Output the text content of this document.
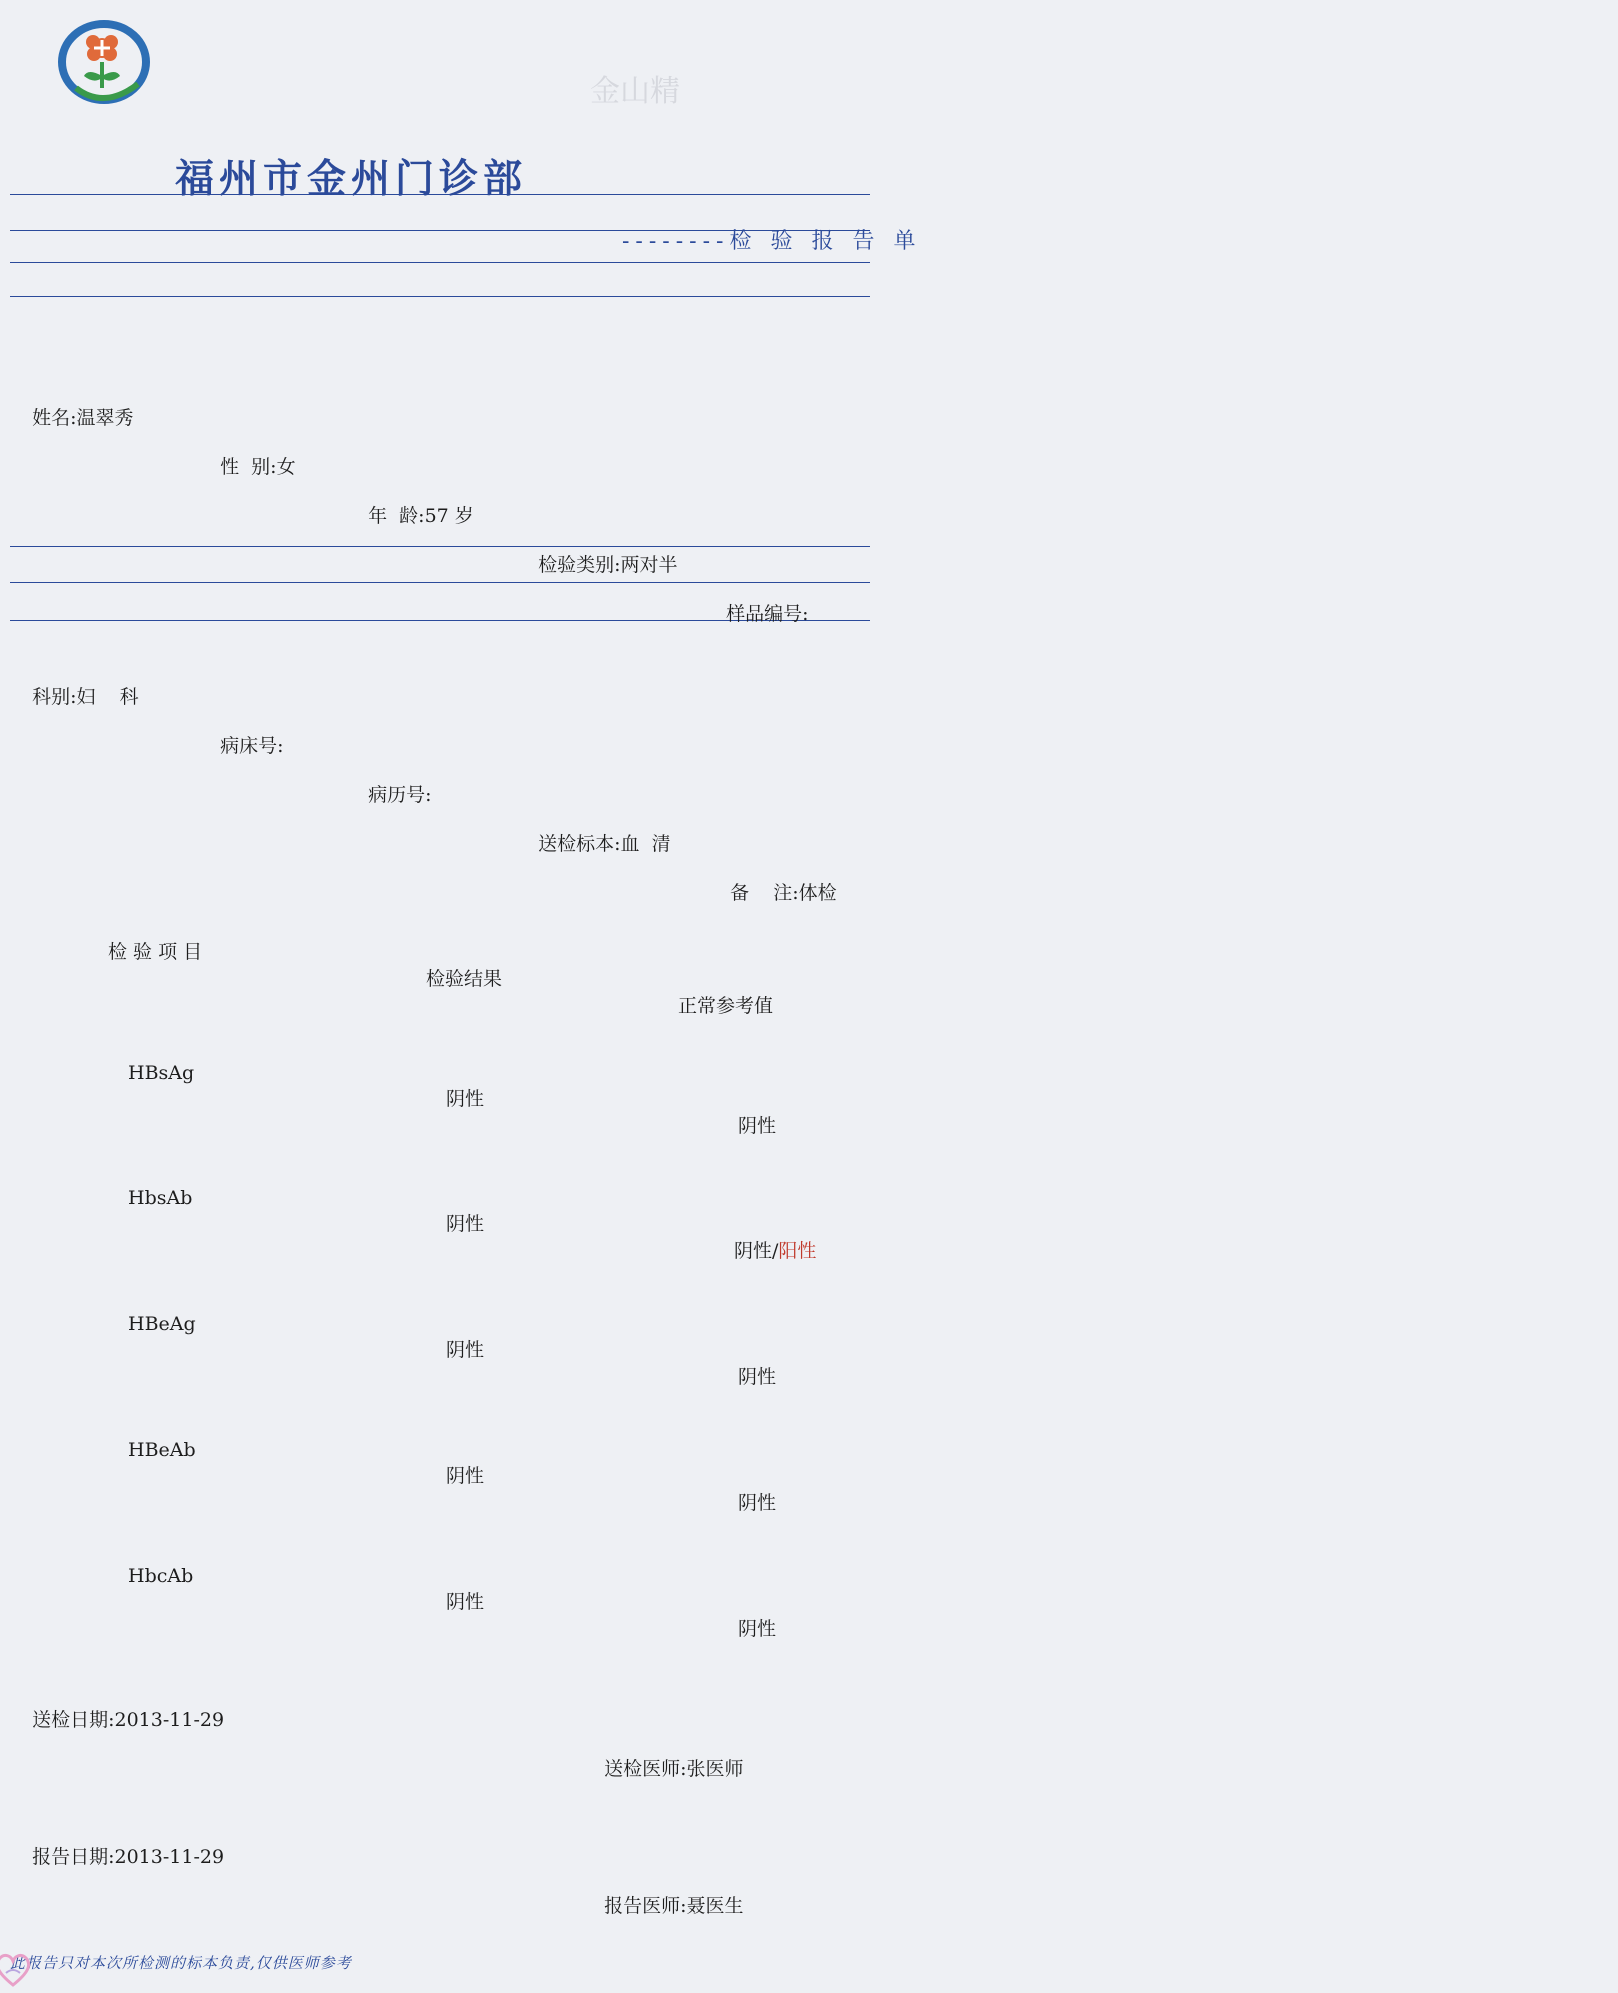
金山精
福州市金州门诊部
--------检 验 报 告 单

姓名:温翠秀

性  别:女

年  龄:57 岁

检验类别:两对半

样品编号:

科别:妇    科

病床号:

病历号:

送检标本:血  清

备    注:体检

检 验 项 目
检验结果
正常参考值
HBsAg
阴性
阴性
HbsAb
阴性
阴性/阳性
HBeAg
阴性
阴性
HBeAb
阴性
阴性
HbcAb
阴性
阴性

送检日期:2013-11-29

送检医师:张医师

报告日期:2013-11-29

报告医师:聂医生

此报告只对本次所检测的标本负责,仅供医师参考
